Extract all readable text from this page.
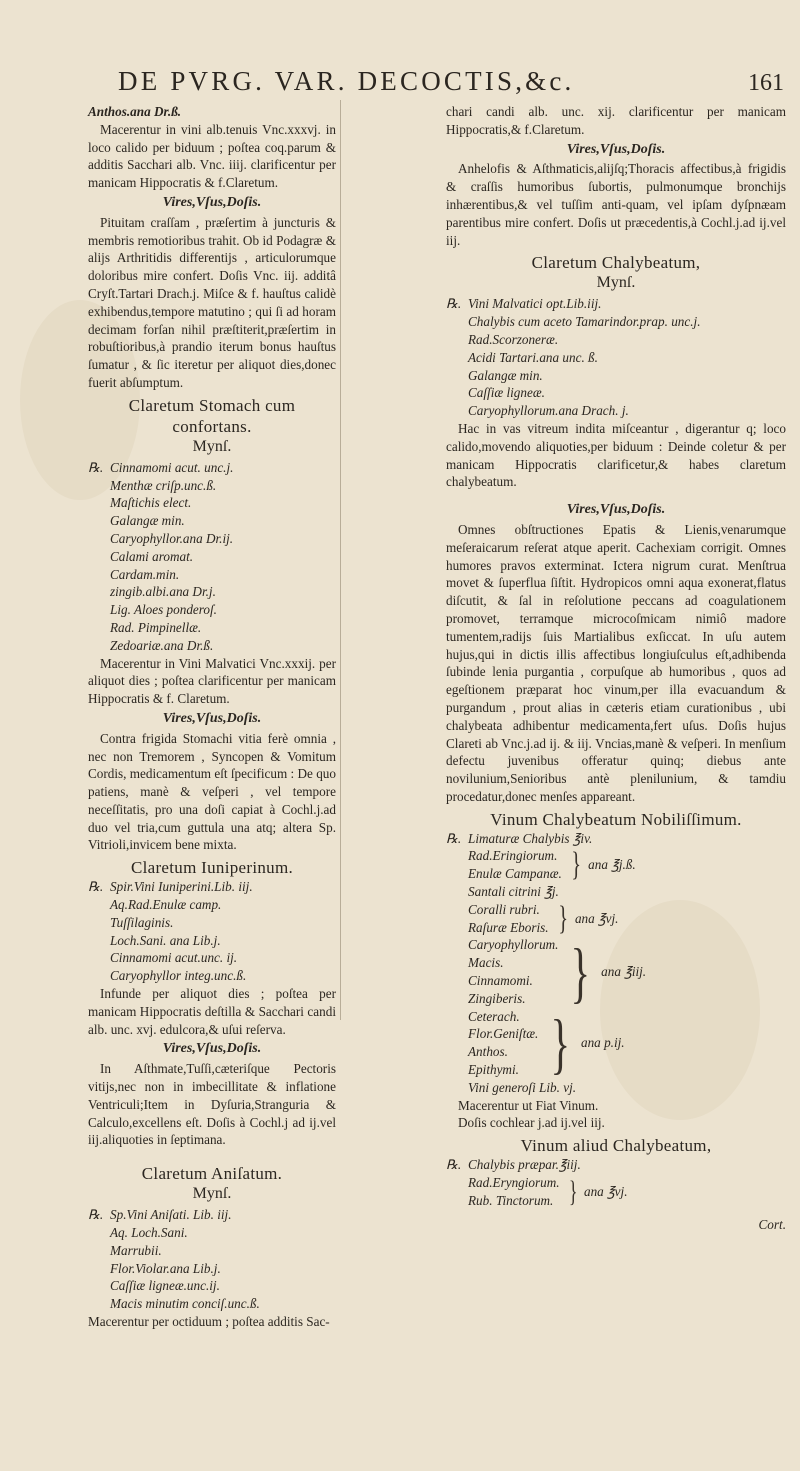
DE PVRG. VAR. DECOCTIS,&c.	161

Anthos.ana Dr.ß.

Macerentur in vini alb.tenuis Vnc.xxxvj. in loco calido per biduum ; poſtea coq.parum & additis Sacchari alb. Vnc. iiij. clarificentur per manicam Hippocratis & f.Claretum.

Vires,Vſus,Doſis.

Pituitam craſſam , præſertim à juncturis & membris remotioribus trahit. Ob id Podagræ & alijs Arthritidis differentijs , articulorumque doloribus mire confert. Doſis Vnc. iij. additâ Cryſt.Tartari Drach.j. Miſce & f. hauſtus calidè exhibendus,tempore matutino ; qui ſi ad horam decimam forſan nihil præſtiterit,præſertim in robuſtioribus,à prandio iterum bonus hauſtus ſumatur , & ſic iteretur per aliquot dies,donec fuerit abſumptum.

Claretum Stomach cum confortans.

Mynſ.

℞. Cinnamomi acut. unc.j.
Menthæ criſp.unc.ß.
Maſtichis elect.
Galangæ min.
Caryophyllor.ana Dr.ij.
Calami aromat.
Cardam.min.
zingib.albi.ana Dr.j.
Lig. Aloes ponderoſ.
Rad. Pimpinellæ.
Zedoariæ.ana Dr.ß.

Macerentur in Vini Malvatici Vnc.xxxij. per aliquot dies ; poſtea clarificentur per manicam Hippocratis & f. Claretum.

Vires,Vſus,Doſis.

Contra frigida Stomachi vitia ferè omnia , nec non Tremorem , Syncopen & Vomitum Cordis, medicamentum eſt ſpecificum : De quo patiens, manè & veſperi , vel tempore neceſſitatis, pro una doſi capiat à Cochl.j.ad duo vel tria,cum guttula una atq; altera Sp. Vitrioli,invicem bene mixta.

Claretum Iuniperinum.

℞. Spir.Vini Iuniperini.Lib. iij.
Aq.Rad.Enulæ camp.
Tuſſilaginis.
Loch.Sani. ana Lib.j.
Cinnamomi acut.unc. ij.
Caryophyllor integ.unc.ß.

Infunde per aliquot dies ; poſtea per manicam Hippocratis deſtilla & Sacchari candi alb. unc. xvj. edulcora,& uſui reſerva.

Vires,Vſus,Doſis.

In Aſthmate,Tuſſi,cæteriſque Pectoris vitijs,nec non in imbecillitate & inflatione Ventriculi;Item in Dyſuria,Stranguria & Calculo,excellens eſt. Doſis à Cochl.j ad ij.vel iij.aliquoties in ſeptimana.

Claretum Aniſatum.

Mynſ.

℞. Sp.Vini Aniſati. Lib. iij.
Aq. Loch.Sani.
Marrubii.
Flor.Violar.ana Lib.j.
Caſſiæ ligneæ.unc.ij.
Macis minutim conciſ.unc.ß.

Macerentur per octiduum ; poſtea additis Sac-

chari candi alb. unc. xij. clarificentur per manicam Hippocratis,& f.Claretum.

Vires,Vſus,Doſis.

Anhelofis & Aſthmaticis,alijſq;Thoracis affectibus,à frigidis & craſſis humoribus ſubortis, pulmonumque bronchijs inhærentibus,& vel tuſſim anti-quam, vel ipſam dyſpnæam parentibus mire confert. Doſis ut præcedentis,à Cochl.j.ad ij.vel iij.

Claretum Chalybeatum,

Mynſ.

℞. Vini Malvatici opt.Lib.iij.
Chalybis cum aceto Tamarindor.prap. unc.j.
Rad.Scorzoneræ.
Acidi Tartari.ana unc. ß.
Galangæ min.
Caſſiæ ligneæ.
Caryophyllorum.ana Drach. j.

Hac in vas vitreum indita miſceantur , digerantur q; loco calido,movendo aliquoties,per biduum : Deinde coletur & per manicam Hippocratis clarificetur,& habes claretum chalybeatum.

Vires,Vſus,Doſis.

Omnes obſtructiones Epatis & Lienis,venarumque meſeraicarum reſerat atque aperit. Cachexiam corrigit. Omnes humores pravos exterminat. Ictera nigrum curat. Menſtrua movet & ſuperflua ſiſtit. Hydropicos omni aqua exonerat,flatus diſcutit, & ſal in reſolutione peccans ad coagulationem promovet, terramque microcoſmicam nimiô madore tumentem,radijs ſuis Martialibus exſiccat. In uſu autem hujus,qui in dictis illis affectibus longiuſculus eſt,adhibenda ſubinde lenia purgantia , corpuſque ab humoribus , quos ad egeſtionem præparat hoc vinum,per illa evacuandum & purgandum , prout alias in cæteris etiam curationibus , ubi chalybeata adhibentur medicamenta,fert uſus. Doſis hujus Clareti ab Vnc.j.ad ij. & iij. Vncias,manè & veſperi. In menſium defectu juvenibus offeratur quinq; diebus ante novilunium,Senioribus antè plenilunium, & tamdiu procedatur,donec menſes appareant.

Vinum Chalybeatum Nobiliſſimum.

℞. Limaturæ Chalybis ℥iv.
Rad.Eringiorum.
Enulæ Campanæ. } ana ℥j.ß.
Santali citrini ℥j.
Coralli rubri.
Raſuræ Eboris. } ana ℥vj.
Caryophyllorum.
Macis.
Cinnamomi.
Zingiberis. } ana ℥iij.
Ceterach.
Flor.Geniſtæ.
Anthos.
Epithymi. } ana p.ij.
Vini generoſi Lib. vj.

Macerentur ut Fiat Vinum.

Doſis cochlear j.ad ij.vel iij.

Vinum aliud Chalybeatum,

℞. Chalybis præpar.℥iij.
Rad.Eryngiorum.
Rub. Tinctorum. } ana ℥vj.

Cort.
